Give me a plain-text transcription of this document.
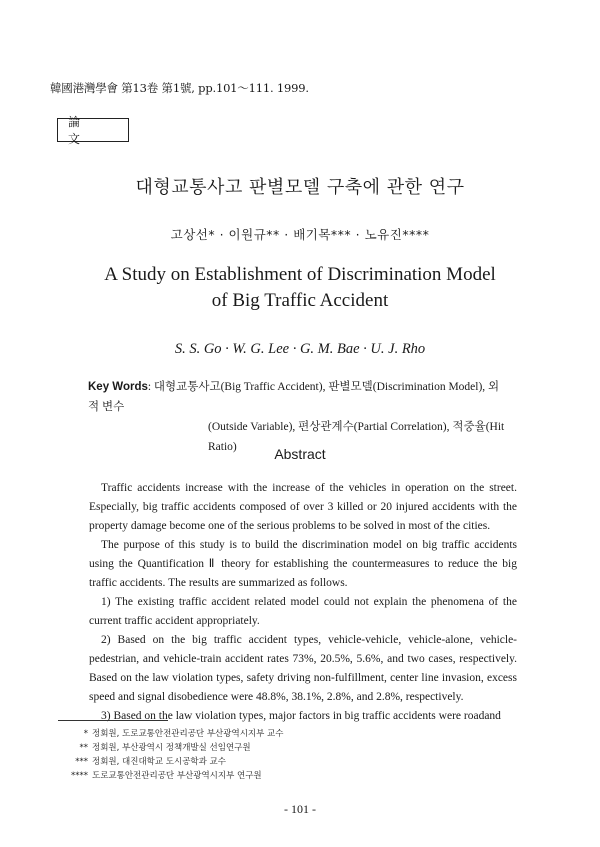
韓國港灣學會 第13卷 第1號, pp.101～111. 1999.
論 文
대형교통사고 판별모델 구축에 관한 연구
고상선* · 이원규** · 배기목*** · 노유진****
A Study on Establishment of Discrimination Model
of Big Traffic Accident
S. S. Go · W. G. Lee · G. M. Bae · U. J. Rho
Key Words: 대형교통사고(Big Traffic Accident), 판별모델(Discrimination Model), 외적 변수
(Outside Variable), 편상관계수(Partial Correlation), 적중율(Hit Ratio)	Abstract

Traffic accidents increase with the increase of the vehicles in operation on the street. Especially, big traffic accidents composed of over 3 killed or 20 injured accidents with the property damage become one of the serious problems to be solved in most of the cities.

The purpose of this study is to build the discrimination model on big traffic accidents using the Quantification Ⅱ theory for establishing the countermeasures to reduce the big traffic accidents. The results are summarized as follows.

1) The existing traffic accident related model could not explain the phenomena of the current traffic accident appropriately.

2) Based on the big traffic accident types, vehicle-vehicle, vehicle-alone, vehicle-pedestrian, and vehicle-train accident rates 73%, 20.5%, 5.6%, and two cases, respectively. Based on the law violation types, safety driving non-fulfillment, center line invasion, excess speed and signal disobedience were 48.8%, 38.1%, 2.8%, and 2.8%, respectively.

3) Based on the law violation types, major factors in big traffic accidents were roadand

* 정회원, 도로교통안전관리공단 부산광역시지부 교수
** 정회원, 부산광역시 정책개발실 선임연구원
*** 정회원, 대진대학교 도시공학과 교수
**** 도로교통안전관리공단 부산광역시지부 연구원
- 101 -
